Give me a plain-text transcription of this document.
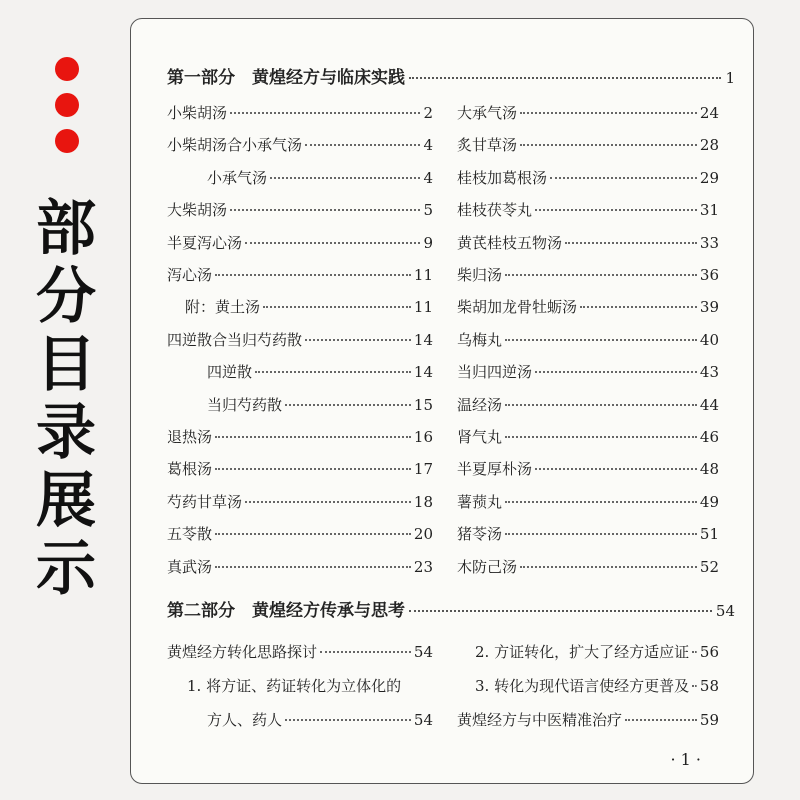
部分目录展示
第一部分　黄煌经方与临床实践	1
小柴胡汤	2
小柴胡汤合小承气汤	4
小承气汤	4
大柴胡汤	5
半夏泻心汤	9
泻心汤	11
附：黄土汤	11
四逆散合当归芍药散	14
四逆散	14
当归芍药散	15
退热汤	16
葛根汤	17
芍药甘草汤	18
五苓散	20
真武汤	23
大承气汤	24
炙甘草汤	28
桂枝加葛根汤	29
桂枝茯苓丸	31
黄芪桂枝五物汤	33
柴归汤	36
柴胡加龙骨牡蛎汤	39
乌梅丸	40
当归四逆汤	43
温经汤	44
肾气丸	46
半夏厚朴汤	48
薯蓣丸	49
猪苓汤	51
木防己汤	52
第二部分　黄煌经方传承与思考	54
黄煌经方转化思路探讨	54
1. 将方证、药证转化为立体化的
方人、药人	54
2. 方证转化，扩大了经方适应证 56
3. 转化为现代语言使经方更普及 58
黄煌经方与中医精准治疗	59
· 1 ·
